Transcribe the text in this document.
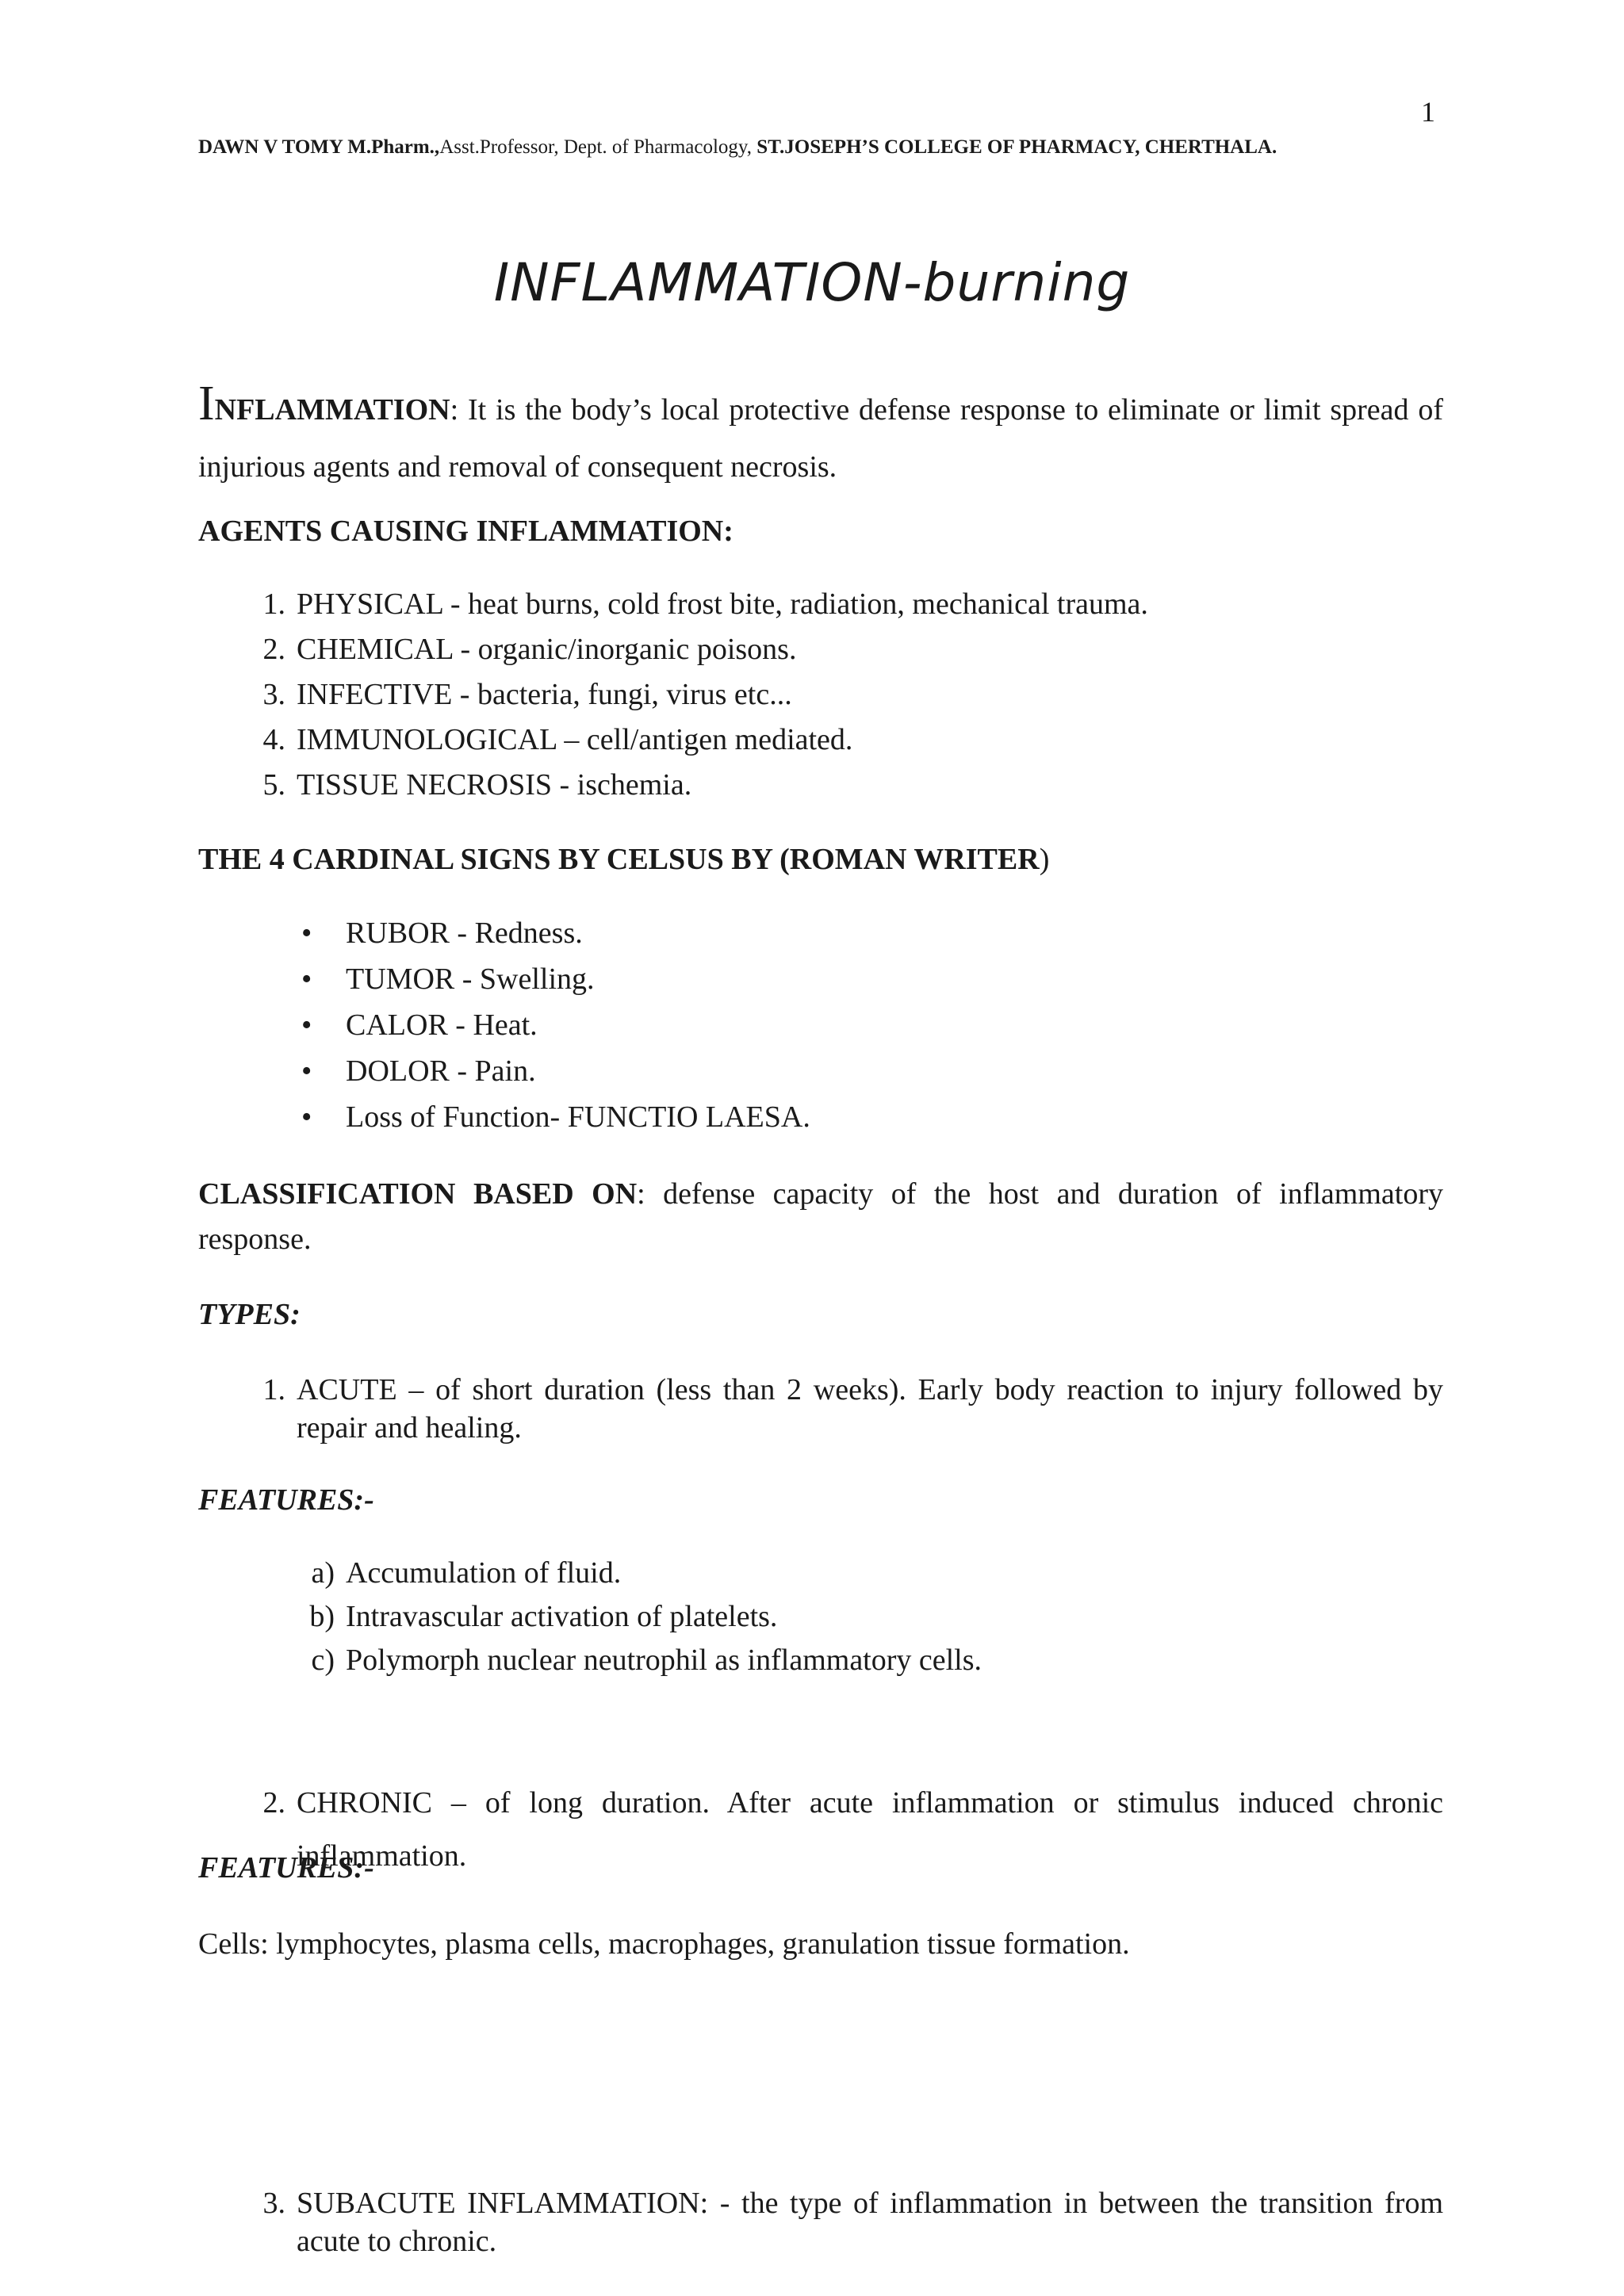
1
DAWN V TOMY M.Pharm.,Asst.Professor, Dept. of Pharmacology, ST.JOSEPH’S COLLEGE OF PHARMACY, CHERTHALA.
INFLAMMATION-burning

INFLAMMATION: It is the body’s local protective defense response to eliminate or limit spread of injurious agents and removal of consequent necrosis.

AGENTS CAUSING INFLAMMATION:
1. PHYSICAL - heat burns, cold frost bite, radiation, mechanical trauma.
2. CHEMICAL - organic/inorganic poisons.
3. INFECTIVE - bacteria, fungi, virus etc...
4. IMMUNOLOGICAL – cell/antigen mediated.
5. TISSUE NECROSIS - ischemia.
THE 4 CARDINAL SIGNS BY CELSUS BY (ROMAN WRITER)
• RUBOR - Redness.
• TUMOR - Swelling.
• CALOR - Heat.
• DOLOR - Pain.
• Loss of Function- FUNCTIO LAESA.

CLASSIFICATION BASED ON: defense capacity of the host and duration of inflammatory response.

TYPES:
1. ACUTE – of short duration (less than 2 weeks). Early body reaction to injury followed by repair and healing.
FEATURES:-
a) Accumulation of fluid.
b) Intravascular activation of platelets.
c) Polymorph nuclear neutrophil as inflammatory cells.
2. CHRONIC – of long duration. After acute inflammation or stimulus induced chronic inflammation.
FEATURES:-
Cells: lymphocytes, plasma cells, macrophages, granulation tissue formation.
3. SUBACUTE INFLAMMATION: - the type of inflammation in between the transition from acute to chronic.
